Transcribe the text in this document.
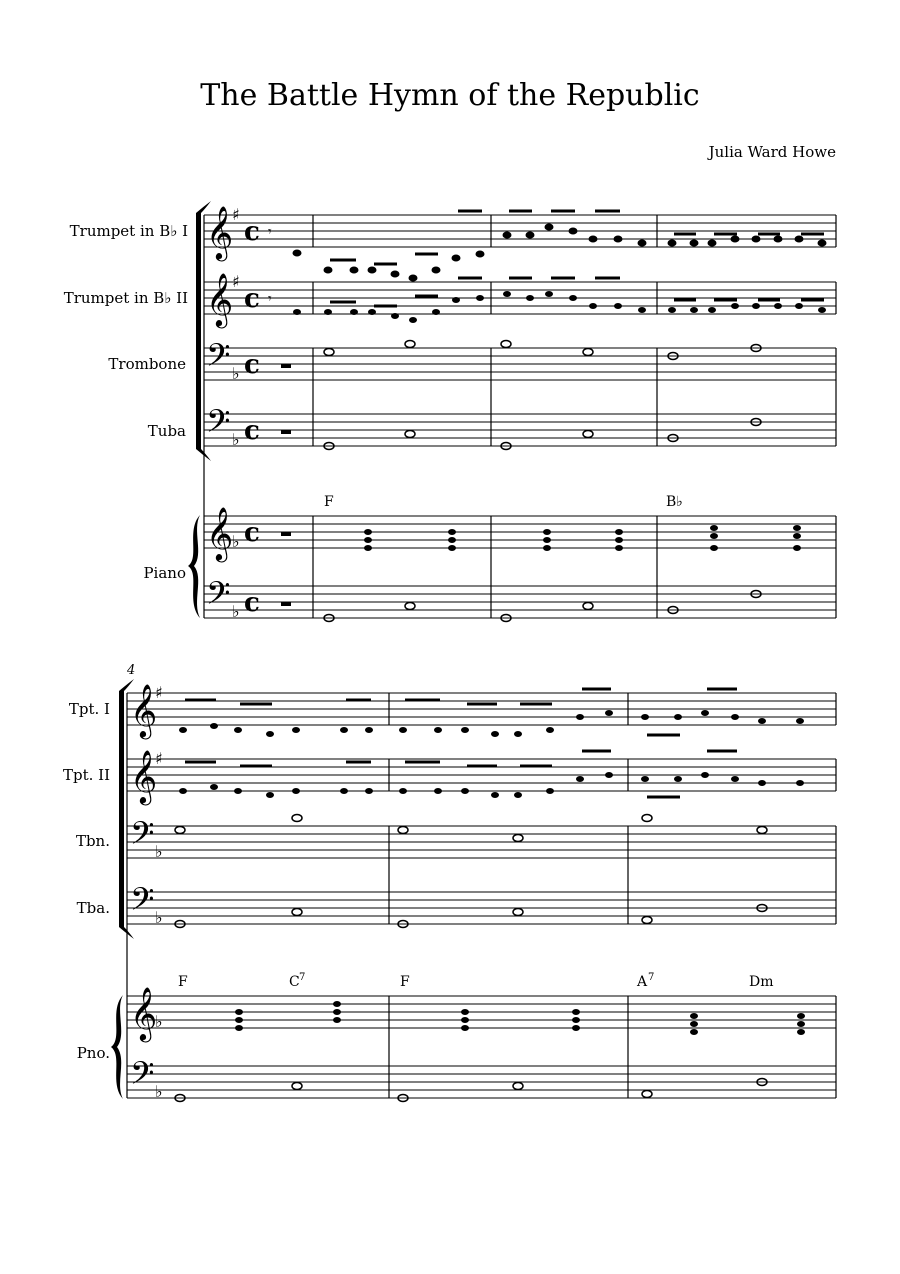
The Battle Hymn of the Republic
Julia Ward Howe
Trumpet in B♭ I
Trumpet in B♭ II
Trombone
Tuba
Piano
𝄞
𝄞
𝄢
𝄢
𝄞
𝄢
♯
♯
♭
♭
♭
♭
c
c
c
c
c
c
𝄾
𝄾
F	B♭
4
Tpt. I
Tpt. II
Tbn.
Tba.
Pno.
𝄞
𝄞
𝄢
𝄢
𝄞
𝄢
♯
♯
♭
♭
♭
♭
F	C 7	F	A 7	Dm
